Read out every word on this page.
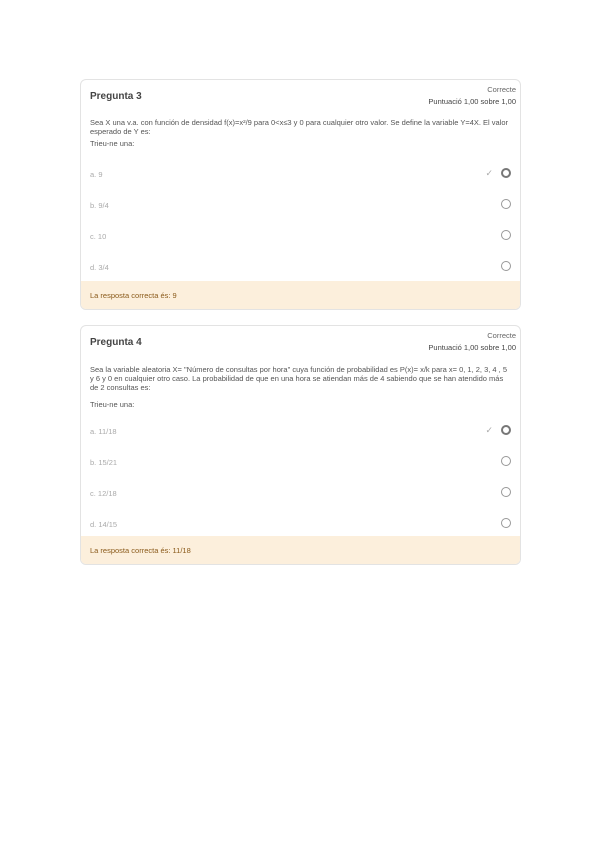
Pregunta 3
Correcte
Puntuació 1,00 sobre 1,00
Sea X una v.a. con función de densidad f(x)=x²/9 para 0<x≤3 y 0 para cualquier otro valor. Se define la variable Y=4X. El valor esperado de Y es:
Trieu-ne una:
a. 9	✓
b. 9/4
c. 10
d. 3/4
La resposta correcta és: 9
Pregunta 4
Correcte
Puntuació 1,00 sobre 1,00
Sea la variable aleatoria X= "Número de consultas por hora" cuya función de probabilidad es P(x)= x/k para x= 0, 1, 2, 3, 4 , 5 y 6 y 0 en cualquier otro caso. La probabilidad de que en una hora se atiendan más de 4 sabiendo que se han atendido más de 2 consultas es:
Trieu-ne una:
a. 11/18	✓
b. 15/21
c. 12/18
d. 14/15
La resposta correcta és: 11/18
